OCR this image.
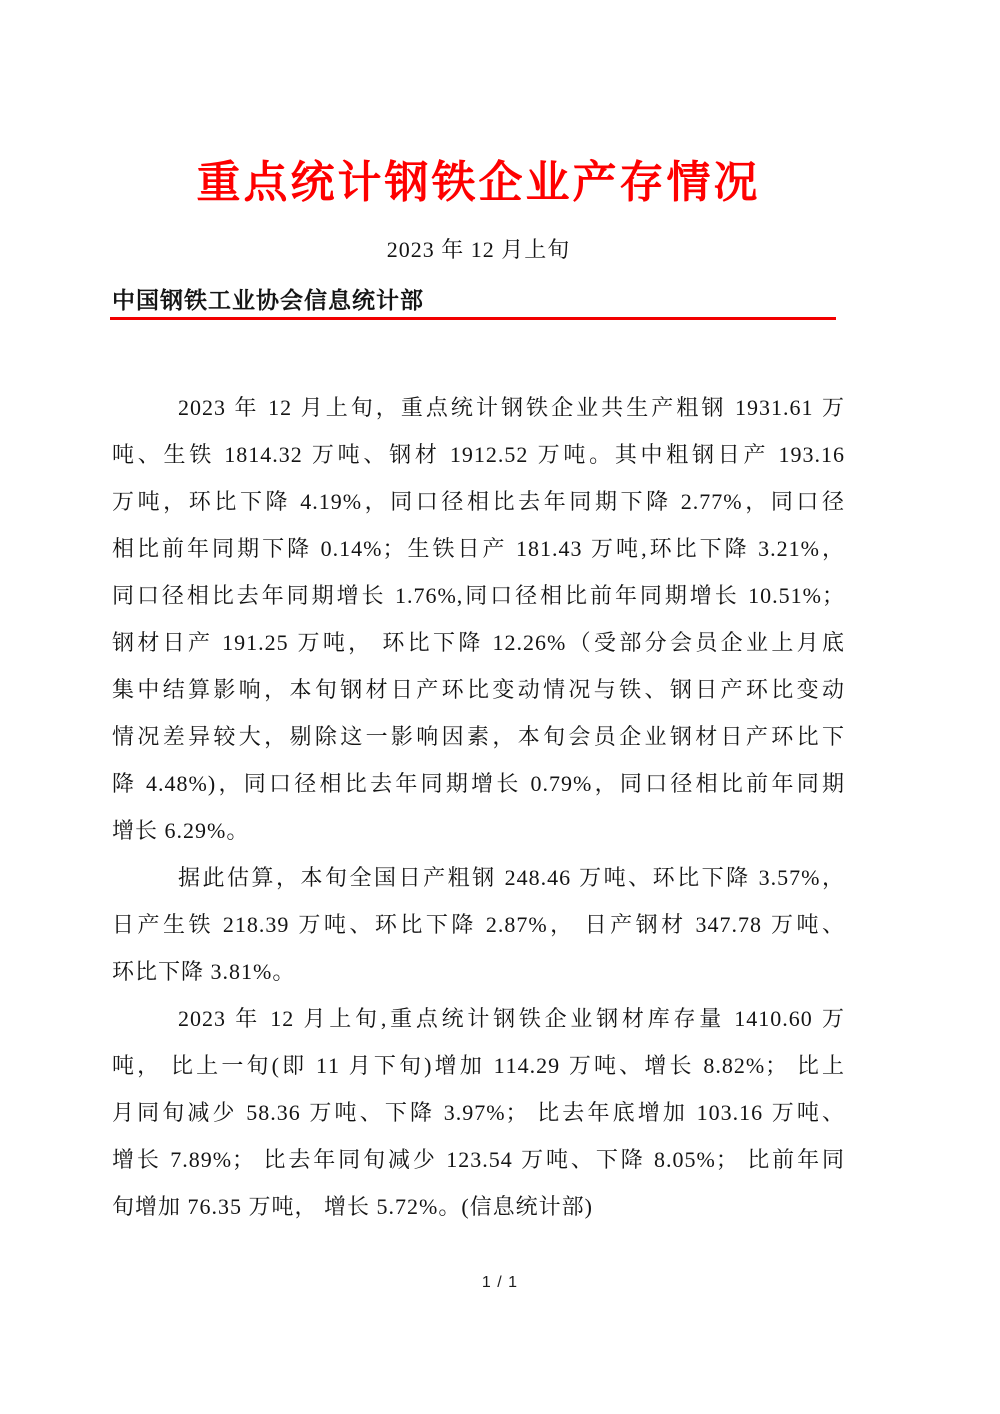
重点统计钢铁企业产存情况
2023 年 12 月上旬
中国钢铁工业协会信息统计部
2023 年 12 月上旬，重点统计钢铁企业共生产粗钢 1931.61 万
吨、生铁 1814.32 万吨、钢材 1912.52 万吨。其中粗钢日产 193.16
万吨，环比下降 4.19%，同口径相比去年同期下降 2.77%，同口径
相比前年同期下降 0.14%；生铁日产 181.43 万吨,环比下降 3.21%，
同口径相比去年同期增长 1.76%,同口径相比前年同期增长 10.51%；
钢材日产 191.25 万吨， 环比下降 12.26%（受部分会员企业上月底
集中结算影响，本旬钢材日产环比变动情况与铁、钢日产环比变动
情况差异较大，剔除这一影响因素，本旬会员企业钢材日产环比下
降 4.48%)，同口径相比去年同期增长 0.79%，同口径相比前年同期
增长 6.29%。
据此估算，本旬全国日产粗钢 248.46 万吨、环比下降 3.57%，
日产生铁 218.39 万吨、环比下降 2.87%， 日产钢材 347.78 万吨、
环比下降 3.81%。
2023 年 12 月上旬,重点统计钢铁企业钢材库存量 1410.60 万
吨， 比上一旬(即 11 月下旬)增加 114.29 万吨、增长 8.82%； 比上
月同旬减少 58.36 万吨、下降 3.97%； 比去年底增加 103.16 万吨、
增长 7.89%； 比去年同旬减少 123.54 万吨、下降 8.05%； 比前年同
旬增加 76.35 万吨， 增长 5.72%。(信息统计部)
1 / 1
